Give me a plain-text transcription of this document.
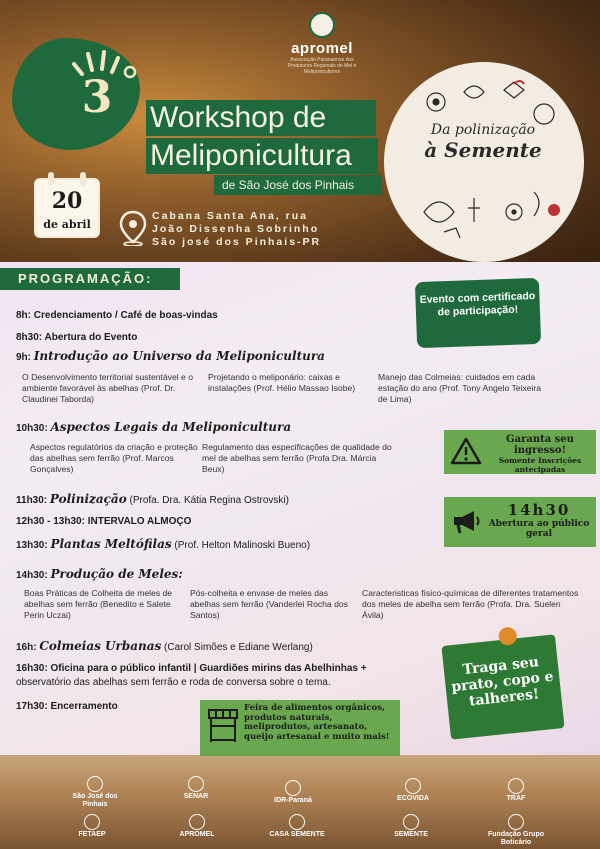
3
apromel
Associação Paranaense dos Produtores Regionais de Mel e Meliponicultores
Workshop de
Meliponicultura
de São José dos Pinhais
Da polinização
à Semente
20
de abril
Cabana Santa Ana, rua
João Dissenha Sobrinho
São josé dos Pinhais-PR
PROGRAMAÇÃO:
Evento com certificado de participação!
8h: Credenciamento / Café de boas-vindas
8h30: Abertura do Evento
9h: Introdução ao Universo da Meliponicultura
O Desenvolvimento territorial sustentável e o ambiente favorável às abelhas (Prof. Dr. Claudinei Taborda)
Projetando o meliponário: caixas e instalações (Prof. Hélio Massao Isobe)
Manejo das Colmeias: cuidados em cada estação do ano (Prof. Tony Angelo Teixeira de Lima)
10h30: Aspectos Legais da Meliponicultura
Aspectos regulatórios da criação e proteção das abelhas sem ferrão (Prof. Marcos Gonçalves)
Regulamento das especificações de qualidade do mel de abelhas sem ferrão (Profa Dra. Márcia Beux)
11h30: Polinização (Profa. Dra. Kátia Regina Ostrovski)
12h30 - 13h30: INTERVALO ALMOÇO
13h30: Plantas Meltófilas (Prof. Helton Malinoski Bueno)
14h30: Produção de Meles:
Boas Práticas de Colheita de meles de abelhas sem ferrão (Benedito e Salete Perin Uczai)
Pós-colheita e envase de meles das abelhas sem ferrão (Vanderlei Rocha dos Santos)
Caracteristicas físico-químicas de diferentes tratamentos dos meles de abelha sem ferrão (Profa. Dra. Suelen Ávila)
16h: Colmeias Urbanas (Carol Simões e Ediane Werlang)
16h30: Oficina para o público infantil | Guardiões mirins das Abelhinhas +
observatório das abelhas sem ferrão e roda de conversa sobre o tema.
17h30: Encerramento
Garanta seu ingresso!
Somente Inscrições antecipadas
14h30
Abertura ao público geral
Traga seu prato, copo e talheres!
Feira de alimentos orgânicos, produtos naturais, meliprodutos, artesanato, queijo artesanal e muito mais!
São José dos Pinhais
SENAR
IDR-Paraná	ECOVIDA	TRAF
FETAEP	APROMEL	CASA SEMENTE	SEMENTE	Fundação Grupo Boticário
